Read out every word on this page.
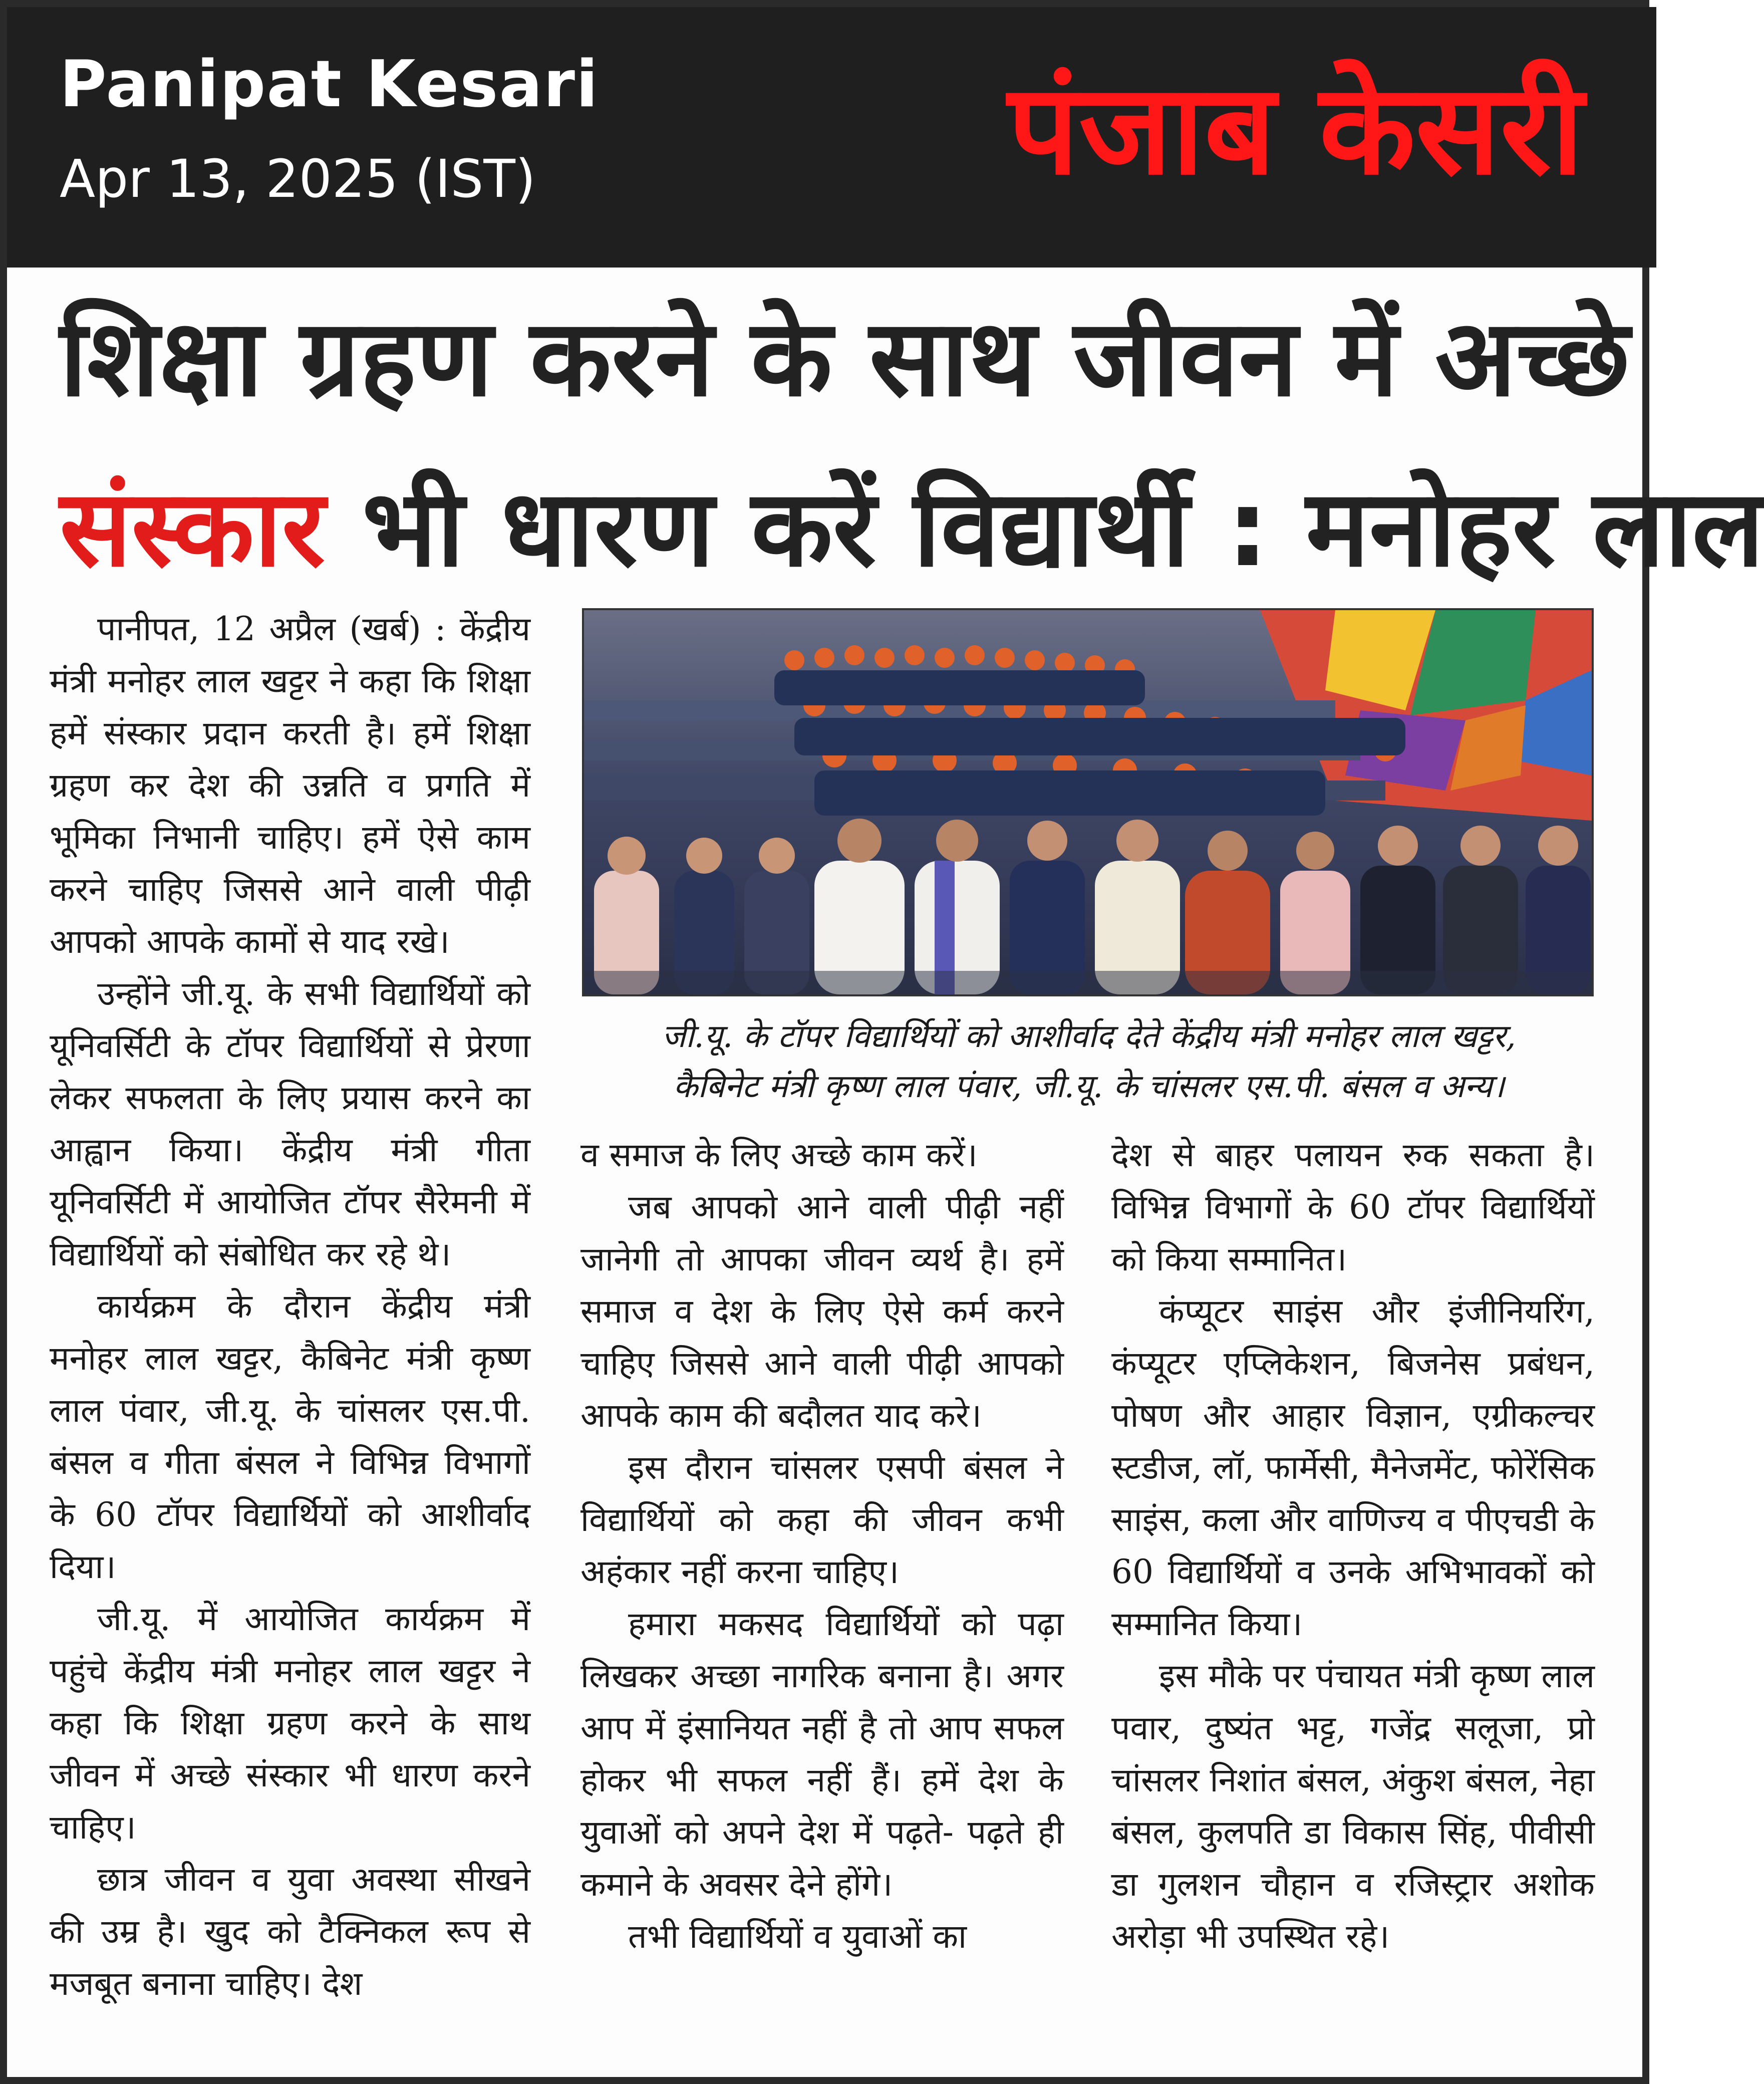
Panipat Kesari
Apr 13, 2025 (IST)	पंजाब केसरी
शिक्षा ग्रहण करने के साथ जीवन में अच्छे
संस्कार भी धारण करें विद्यार्थी : मनोहर लाल

पानीपत, 12 अप्रैल (खर्ब) : केंद्रीय मंत्री मनोहर लाल खट्टर ने कहा कि शिक्षा हमें संस्कार प्रदान करती है। हमें शिक्षा ग्रहण कर देश की उन्नति व प्रगति में भूमिका निभानी चाहिए। हमें ऐसे काम करने चाहिए जिससे आने वाली पीढ़ी आपको आपके कामों से याद रखे।

उन्होंने जी.यू. के सभी विद्यार्थियों को यूनिवर्सिटी के टॉपर विद्यार्थियों से प्रेरणा लेकर सफलता के लिए प्रयास करने का आह्वान किया। केंद्रीय मंत्री गीता यूनिवर्सिटी में आयोजित टॉपर सैरेमनी में विद्यार्थियों को संबोधित कर रहे थे।

कार्यक्रम के दौरान केंद्रीय मंत्री मनोहर लाल खट्टर, कैबिनेट मंत्री कृष्ण लाल पंवार, जी.यू. के चांसलर एस.पी. बंसल व गीता बंसल ने विभिन्न विभागों के 60 टॉपर विद्यार्थियों को आशीर्वाद दिया।

जी.यू. में आयोजित कार्यक्रम में पहुंचे केंद्रीय मंत्री मनोहर लाल खट्टर ने कहा कि शिक्षा ग्रहण करने के साथ जीवन में अच्छे संस्कार भी धारण करने चाहिए।

छात्र जीवन व युवा अवस्था सीखने की उम्र है। खुद को टैक्निकल रूप से मजबूत बनाना चाहिए। देश

जी.यू. के टॉपर विद्यार्थियों को आशीर्वाद देते केंद्रीय मंत्री मनोहर लाल खट्टर,
कैबिनेट मंत्री कृष्ण लाल पंवार, जी.यू. के चांसलर एस.पी. बंसल व अन्य।

व समाज के लिए अच्छे काम करें।

जब आपको आने वाली पीढ़ी नहीं जानेगी तो आपका जीवन व्यर्थ है। हमें समाज व देश के लिए ऐसे कर्म करने चाहिए जिससे आने वाली पीढ़ी आपको आपके काम की बदौलत याद करे।

इस दौरान चांसलर एसपी बंसल ने विद्यार्थियों को कहा की जीवन कभी अहंकार नहीं करना चाहिए।

हमारा मकसद विद्यार्थियों को पढ़ा लिखकर अच्छा नागरिक बनाना है। अगर आप में इंसानियत नहीं है तो आप सफल होकर भी सफल नहीं हैं। हमें देश के युवाओं को अपने देश में पढ़ते- पढ़ते ही कमाने के अवसर देने होंगे।

तभी विद्यार्थियों व युवाओं का

देश से बाहर पलायन रुक सकता है। विभिन्न विभागों के 60 टॉपर विद्यार्थियों को किया सम्मानित।

कंप्यूटर साइंस और इंजीनियरिंग, कंप्यूटर एप्लिकेशन, बिजनेस प्रबंधन, पोषण और आहार विज्ञान, एग्रीकल्चर स्टडीज, लॉ, फार्मेसी, मैनेजमेंट, फोरेंसिक साइंस, कला और वाणिज्य व पीएचडी के 60 विद्यार्थियों व उनके अभिभावकों को सम्मानित किया।

इस मौके पर पंचायत मंत्री कृष्ण लाल पवार, दुष्यंत भट्ट, गजेंद्र सलूजा, प्रो चांसलर निशांत बंसल, अंकुश बंसल, नेहा बंसल, कुलपति डा विकास सिंह, पीवीसी डा गुलशन चौहान व रजिस्ट्रार अशोक अरोड़ा भी उपस्थित रहे।
